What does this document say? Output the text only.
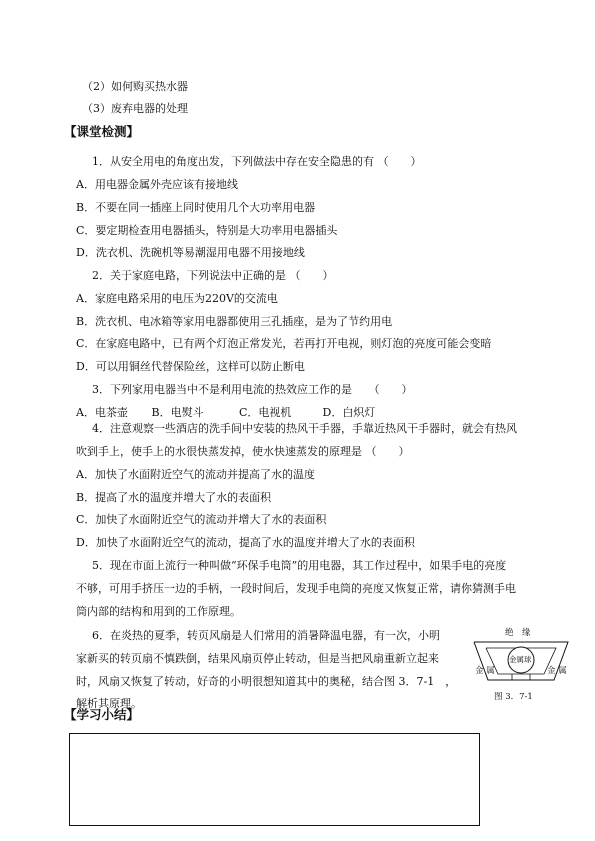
（2）如何购买热水器
（3）废弃电器的处理
【课堂检测】
1．从安全用电的角度出发，下列做法中存在安全隐患的有 （　　）
A．用电器金属外壳应该有接地线
B．不要在同一插座上同时使用几个大功率用电器
C．要定期检查用电器插头，特别是大功率用电器插头
D．洗衣机、洗碗机等易潮湿用电器不用接地线
2．关于家庭电路，下列说法中正确的是 （　　）
A．家庭电路采用的电压为220V的交流电
B．洗衣机、电冰箱等家用电器都使用三孔插座，是为了节约用电
C．在家庭电路中，已有两个灯泡正常发光，若再打开电视，则灯泡的亮度可能会变暗
D．可以用铜丝代替保险丝，这样可以防止断电
3．下列家用电器当中不是利用电流的热效应工作的是　　（　　）
A．电茶壶 B．电熨斗	C．电视机	D．白炽灯
4．注意观察一些酒店的洗手间中安装的热风干手器，手靠近热风干手器时，就会有热风
吹到手上，使手上的水很快蒸发掉，使水快速蒸发的原理是 （　　）
A．加快了水面附近空气的流动并提高了水的温度
B．提高了水的温度并增大了水的表面积
C．加快了水面附近空气的流动并增大了水的表面积
D．加快了水面附近空气的流动，提高了水的温度并增大了水的表面积
5．现在市面上流行一种叫做“环保手电筒”的用电器，其工作过程中，如果手电的亮度
不够，可用手挤压一边的手柄，一段时间后，发现手电筒的亮度又恢复正常，请你猜测手电
筒内部的结构和用到的工作原理。
6．在炎热的夏季，转页风扇是人们常用的消暑降温电器，有一次，小明
家新买的转页扇不慎跌倒，结果风扇页停止转动，但是当把风扇重新立起来
时，风扇又恢复了转动，好奇的小明很想知道其中的奥秘，结合图 3．7-1　，
解析其原理。
绝　缘
金 属	金 属
金属球
图 3．7-1
【学习小结】
